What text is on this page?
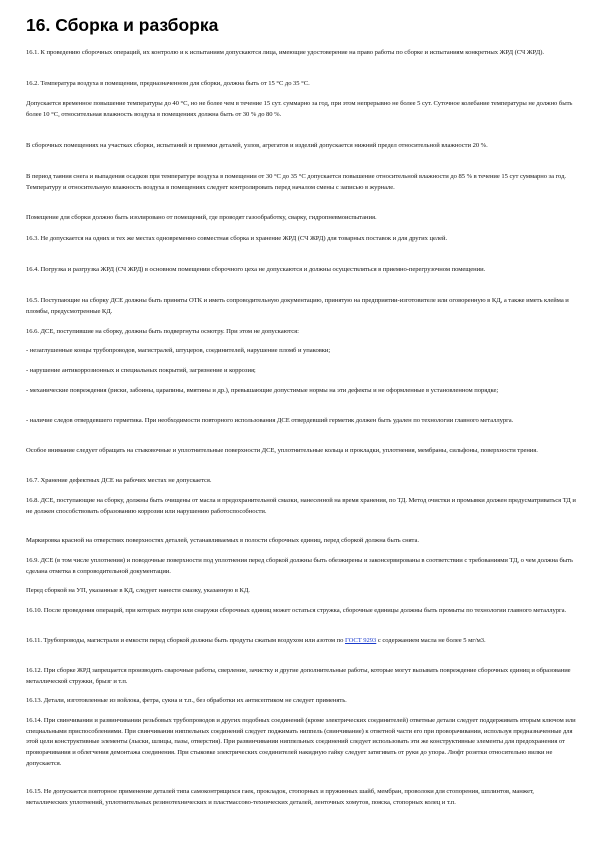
16. Сборка и разборка

16.1. К проведению сборочных операций, их контролю и к испытаниям допускаются лица, имеющие удостоверение на право работы по сборке и испытаниям конкретных ЖРД (СЧ ЖРД).

16.2. Температура воздуха в помещении, предназначенном для сборки, должна быть от 15 °С до 35 °С.

Допускается временное повышение температуры до 40 °С, но не более чем в течение 15 сут. суммарно за год, при этом непрерывно не более 5 сут. Суточное колебание температуры не должно быть более 10 °С, относительная влажность воздуха в помещениях должна быть от 30 % до 80 %.

В сборочных помещениях на участках сборки, испытаний и приемки деталей, узлов, агрегатов и изделий допускается нижний предел относительной влажности 20 %.

В период таяния снега и выпадения осадков при температуре воздуха в помещении от 30 °С до 35 °С допускается повышение относительной влажности до 85 % в течение 15 сут суммарно за год. Температуру и относительную влажность воздуха в помещениях следует контролировать перед началом смены с записью в журнале.

Помещение для сборки должно быть изолировано от помещений, где проводят газообработку, сварку, гидропневмоиспытания.

16.3. Не допускается на одних и тех же местах одновременно совместная сборка и хранение ЖРД (СЧ ЖРД) для товарных поставок и для других целей.

16.4. Погрузка и разгрузка ЖРД (СЧ ЖРД) в основном помещении сборочного цеха не допускаются и должны осуществляться в приемно-перегрузочном помещении.

16.5. Поступающие на сборку ДСЕ должны быть приняты ОТК и иметь сопроводительную документацию, принятую на предприятии-изготовителе или оговоренную в КД, а также иметь клейма и пломбы, предусмотренные КД.

16.6. ДСЕ, поступившие на сборку, должны быть подвергнуты осмотру. При этом не допускаются:

- незаглушенные концы трубопроводов, магистралей, штуцеров, соединителей, нарушение пломб и упаковки;

- нарушение антикоррозионных и специальных покрытий, загрязнение и коррозия;

- механические повреждения (риски, забоины, царапины, вмятины и др.), превышающие допустимые нормы на эти дефекты и не оформленные в установленном порядке;

- наличие следов отвердевшего герметика. При необходимости повторного использования ДСЕ отвердевший герметик должен быть удален по технологии главного металлурга.

Особое внимание следует обращать на стыковочные и уплотнительные поверхности ДСЕ, уплотнительные кольца и прокладки, уплотнения, мембраны, сильфоны, поверхности трения.

16.7. Хранение дефектных ДСЕ на рабочих местах не допускается.

16.8. ДСЕ, поступающие на сборку, должны быть очищены от масла и предохранительной смазки, нанесенной на время хранения, по ТД. Метод очистки и промывки должен предусматриваться ТД и не должен способствовать образованию коррозии или нарушению работоспособности.

Маркировка красной на отверстиях поверхностях деталей, устанавливаемых в полости сборочных единиц, перед сборкой должна быть снята.

16.9. ДСЕ (в том числе уплотнения) и поводочные поверхности под уплотнения перед сборкой должны быть обезжирены и законсервированы в соответствии с требованиями ТД, о чем должна быть сделана отметка в сопроводительной документации.

Перед сборкой на УП, указанные в КД, следует нанести смазку, указанную в КД.

16.10. После проведения операций, при которых внутри или снаружи сборочных единиц может остаться стружка, сборочные единицы должны быть промыты по технологии главного металлурга.

16.11. Трубопроводы, магистрали и емкости перед сборкой должны быть продуты сжатым воздухом или азотом по ГОСТ 9293 с содержанием масла не более 5 мг/м3.

16.12. При сборке ЖРД запрещается производить сварочные работы, сверление, зачистку и другие дополнительные работы, которые могут вызывать повреждение сборочных единиц и образование металлической стружки, брызг и т.п.

16.13. Детали, изготовленные из войлока, фетра, сукна и т.п., без обработки их антисептиком не следует применять.

16.14. При свинчивании и развинчивании резьбовых трубопроводов и других подобных соединений (кроме электрических соединителей) ответные детали следует поддерживать вторым ключом или специальными приспособлениями. При свинчивании ниппельных соединений следует поджимать ниппель (свинчивание) к ответной части его при проворачивании, используя предназначенные для этой цели конструктивные элементы (лыски, шлицы, пазы, отверстия). При развинчивании ниппельных соединений следует использовать эти же конструктивные элементы для предохранения от проворачивания и облегчения демонтажа соединения. При стыковке электрических соединителей накидную гайку следует затягивать от руки до упора. Люфт розетки относительно вилки не допускается.

16.15. Не допускается повторное применение деталей типа самоконтрящихся гаек, прокладок, стопорных и пружинных шайб, мембран, проволоки для стопорения, шплинтов, манжет, металлических уплотнений, уплотнительных резинотехнических и пластмассово-технических деталей, ленточных хомутов, пояска, стопорных колец и т.п.
